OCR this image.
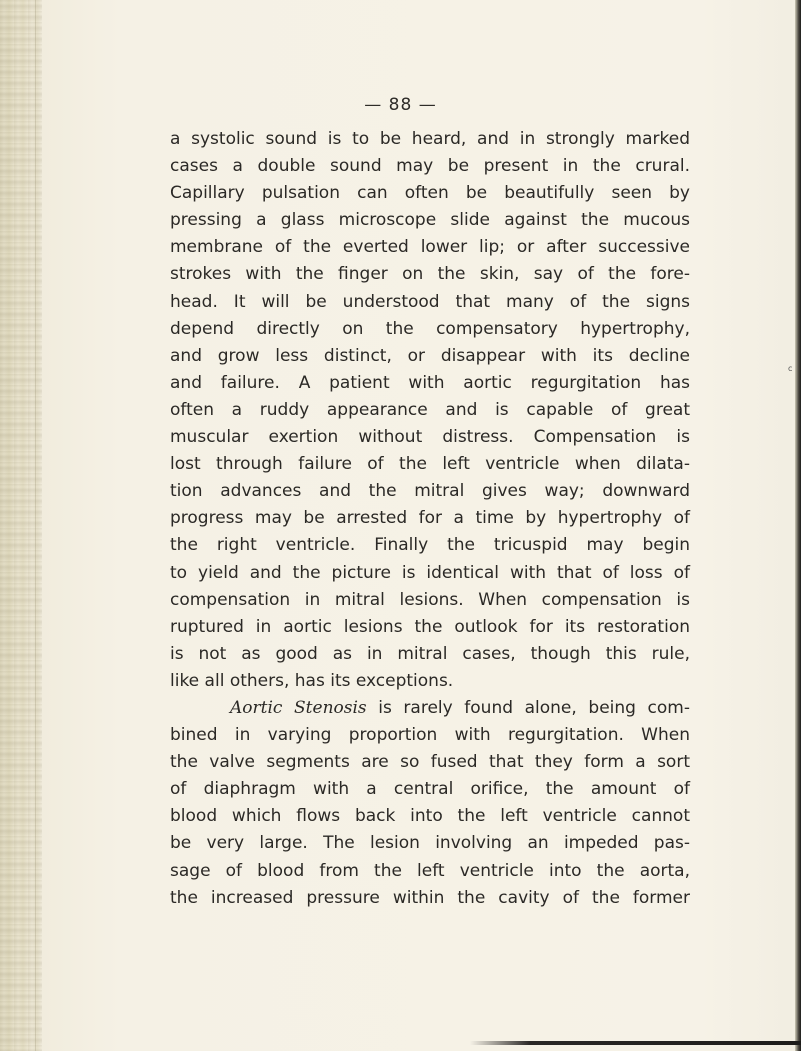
c
— 88 —
a systolic sound is to be heard, and in strongly marked
cases a double sound may be present in the crural.
Capillary pulsation can often be beautifully seen by
pressing a glass microscope slide against the mucous
membrane of the everted lower lip; or after successive
strokes with the finger on the skin, say of the fore-
head. It will be understood that many of the signs
depend directly on the compensatory hypertrophy,
and grow less distinct, or disappear with its decline
and failure. A patient with aortic regurgitation has
often a ruddy appearance and is capable of great
muscular exertion without distress. Compensation is
lost through failure of the left ventricle when dilata-
tion advances and the mitral gives way; downward
progress may be arrested for a time by hypertrophy of
the right ventricle. Finally the tricuspid may begin
to yield and the picture is identical with that of loss of
compensation in mitral lesions. When compensation is
ruptured in aortic lesions the outlook for its restoration
is not as good as in mitral cases, though this rule,
like all others, has its exceptions.
Aortic Stenosis is rarely found alone, being com-
bined in varying proportion with regurgitation. When
the valve segments are so fused that they form a sort
of diaphragm with a central orifice, the amount of
blood which flows back into the left ventricle cannot
be very large. The lesion involving an impeded pas-
sage of blood from the left ventricle into the aorta,
the increased pressure within the cavity of the former
